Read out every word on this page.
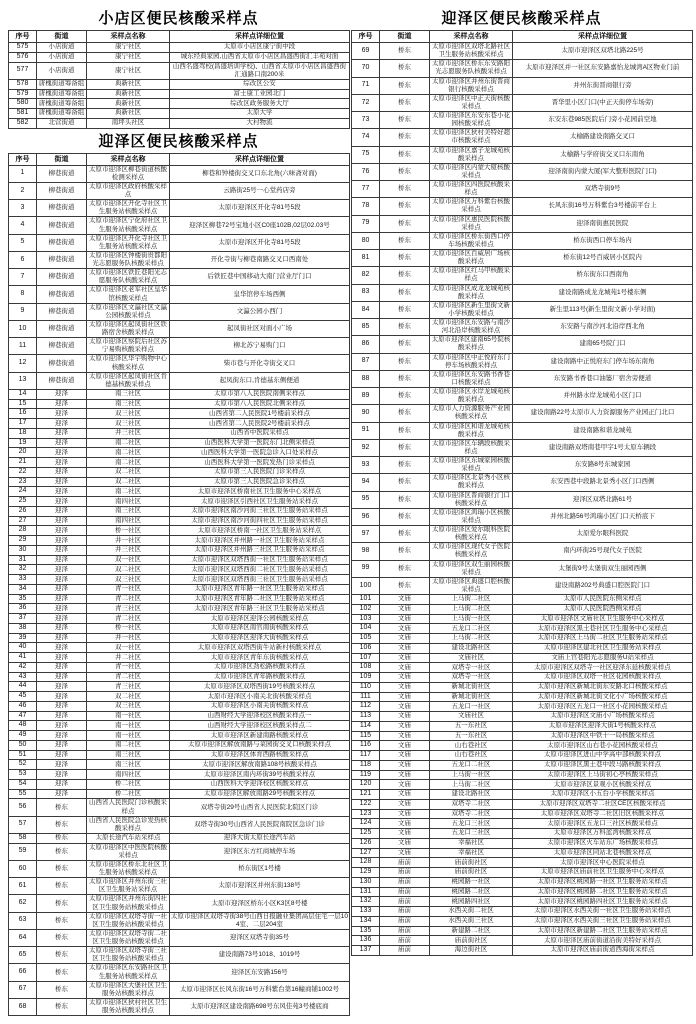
小店区便民核酸采样点
序号	街道	采样点名称	采样点详细位置
575	小店街道	康宁社区	太原市小店区康宁街中段
576	小店街道	康宁社区	城东经典家园,山西省太原市小店区昌盛西街汇丰苑对面
577	小店街道	康宁社区	山西名盛驾校(昌盛培训学校)、山西省太原市小店区昌盛西街汇通路口南200米
578	唐槐街道筹备组	典新社区	综改区公安
579	唐槐街道筹备组	典新社区	富士康工业园北门
580	唐槐街道筹备组	典新社区	综改区政务服务大厅
581	唐槐街道筹备组	典新社区	太原大学
582	北营街道	南坪头社区	大村物流
迎泽区便民核酸采样点
序号	街道	采样点名称	采样点详细位置
1	柳巷街道	太原市迎泽区柳巷街道核酸检测采样点	柳巷和钟楼街交叉口东北角(六味斋对面)
2	柳巷街道	太原市迎泽区政府核酸采样点	云路街25号一心堂药店旁
3	柳巷街道	太原市迎泽区开化寺社区卫生服务站核酸采样点	太原市迎泽区开化寺81号5段
4	柳巷街道	太原市迎泽区宁化府社区卫生服务站核酸采样点	迎泽区柳巷72号宝地小区C0座102B,02层02.03号
5	柳巷街道	太原市迎泽区开化寺社区卫生服务站核酸采样点	太原市迎泽区开化寺81号5段
6	柳巷街道	太原市迎泽区钟楼街贵都阳光志愿服务队核酸采样点	开化寺街与柳巷南路交叉口西南处
7	柳巷街道	太原市迎泽区铁匠巷阳光志愿服务队核酸采样点	后铁匠巷中国移动大南门营业厅门口
8	柳巷街道	太原市迎泽区老军社区皇华馆核酸采样点	皇华馆停车场西侧
9	柳巷街道	太原市迎泽区文瀛社区文瀛公园核酸采样点	文瀛公园小西门
10	柳巷街道	太原市迎泽区起凤街社区铁路宿舍核酸采样点	起凤街社区对面小广场
11	柳巷街道	太原市迎泽区察院后社区苏宁易购核酸采样点	柳北苏宁易购门口
12	柳巷街道	太原市迎泽区华宇购物中心核酸采样点	柴市巷与开化寺街交叉口
13	柳巷街道	太原市迎泽区起凤街社区肯德基核酸采样点	起凤街东口,肯德基东侧便道
14	迎泽	南三社区	太原市第八人民医院南侧采样点
15	迎泽	南三社区	太原市第八人民医院北侧采样点
16	迎泽	双三社区	山西省第二人民医院1号楼前采样点
17	迎泽	双三社区	山西省第二人民医院2号楼前采样点
18	迎泽	井三社区	山西省中医院采样点
19	迎泽	南二社区	山西医科大学第一医院东门北侧采样点
20	迎泽	南二社区	山西医科大学第一医院急诊入口处采样点
21	迎泽	南二社区	山西医科大学第一医院发热门诊采样点
22	迎泽	双二社区	太原市第三人民医院门诊采样点
23	迎泽	双二社区	太原市第三人民医院急诊采样点
24	迎泽	南二社区	太原市迎泽区桥南社区卫生服务中心采样点
25	迎泽	南四社区	太原市迎泽区引西社区卫生服务站采样点
26	迎泽	南三社区	太原市迎泽区南沙河街三社区卫生服务站采样点
27	迎泽	南四社区	太原市迎泽区南沙河街四社区卫生服务站采样点
28	迎泽	桥一社区	太原市迎泽区桥南一社区卫生服务站采样点
29	迎泽	井一社区	太原市迎泽区并州路一社区卫生服务站采样点
30	迎泽	井三社区	太原市迎泽区并州路三社区卫生服务站采样点
31	迎泽	双一社区	太原市迎泽区双塔西街一社区卫生服务站采样点
32	迎泽	双二社区	太原市迎泽区双塔西街二社区卫生服务站采样点
33	迎泽	双三社区	太原市迎泽区双塔西街三社区卫生服务站采样点
34	迎泽	青一社区	太原市迎泽区青年路一社区卫生服务站采样点
35	迎泽	青二社区	太原市迎泽区青年路二社区卫生服务站采样点
36	迎泽	青三社区	太原市迎泽区青年路三社区卫生服务站采样点
37	迎泽	青二社区	太原市迎泽区迎泽公园核酸采样点
38	迎泽	桥一社区	太原市迎泽区南官南街核酸采样点
39	迎泽	井一社区	太原市迎泽区迎泽大街核酸采样点
40	迎泽	双一社区	太原市迎泽区双塔西街牛站新村核酸采样点
41	迎泽	井二社区	太原市迎泽区青年东街核酸采样点
42	迎泽	青一社区	太原市迎泽区劲松路核酸采样点
43	迎泽	青二社区	太原市迎泽区青年路核酸采样点
44	迎泽	青三社区	太原市迎泽区双塔西街19号核酸采样点
45	迎泽	双二社区	太原市迎泽区小南关北街核酸采样点
46	迎泽	双三社区	太原市迎泽区小南关街核酸采样点
47	迎泽	南一社区	山西财经大学迎泽校区核酸采样点一
48	迎泽	南一社区	山西财经大学迎泽校区核酸采样点二
49	迎泽	南一社区	太原市迎泽区新建南路核酸采样点
50	迎泽	南二社区	太原市迎泽区解放南路与菜园街交叉口核酸采样点
51	迎泽	南三社区	太原市迎泽区体育西路核酸采样点
52	迎泽	南三社区	太原市迎泽区解放南路108号核酸采样点
53	迎泽	南四社区	太原市迎泽区南内环街39号核酸采样点
54	迎泽	桥二社区	山西医科大学迎泽校区核酸采样点
55	迎泽	桥二社区	太原市迎泽区解放南路29号核酸采样点
56	桥东	山西省人民医院门诊核酸采样点	双塔寺街29号山西省人民医院北院区门诊
57	桥东	山西省人民医院急诊发热核酸采样点	双塔寺街30号山西省人民医院南院区急诊门诊
58	桥东	太原长途汽车站采样点	迎泽大街太原长途汽车站
59	桥东	太原市迎泽区中医医院核酸采样点	迎泽区东方红商城停车场
60	桥东	太原市迎泽区桥东北社区卫生服务站核酸采样点	桥东街区1号楼
61	桥东	太原市迎泽区并州东街三社区卫生服务站采样点	太原市迎泽区并州东街138号
62	桥东	太原市迎泽区并州东街四社区卫生服务站核酸采样点	太原市迎泽区桥东小区K3区8号楼
63	桥东	太原市迎泽区双塔寺街一社区卫生服务站核酸采样点	太原市迎泽区双塔寺街38号山西日报融业集团高层住宅一层104室、二层204室
64	桥东	太原市迎泽区双塔寺街二社区卫生服务站核酸采样点	迎泽区双塔寺街35号
65	桥东	太原市迎泽区双塔寺街三社区卫生服务站核酸采样点	建设南路73号1018、1019号
66	桥东	太原市迎泽区东安路社区卫生服务站核酸采样点	迎泽区东安路156号
67	桥东	太原市迎泽区大堡社区卫生服务站核酸采样点	太原市迎泽区长风东街16号万科紫台第16幢商铺1002号
68	桥东	太原市迎泽区狄村社区卫生服务站核酸采样点	太原市迎泽区建设南路698号东风佳苑3号楼底商
迎泽区便民核酸采样点
序号	街道	采样点名称	采样点详细位置
69	桥东	太原市迎泽区双塔北路社区卫生服务站核酸采样点	太原市迎泽区双塔北路225号
70	桥东	太原市迎泽区桥东东安路阳光志愿服务队核酸采样点	太原市迎泽区并一社区东安路嘉怡龙城湾A区物业门前
71	桥东	太原市迎泽区并州东街晋商银行核酸采样点	并州东街晋商银行旁
72	桥东	太原市迎泽区中正天街核酸采样点	晋华里小区门口(中正天街停车场旁)
73	桥东	太原市迎泽区东安东巷小花园核酸采样点	东安东巷985医院后门旁小花园前空地
74	桥东	太原市迎泽区狄村美特好超市核酸采样点	太榆路建设南路交叉口
75	桥东	太原市迎泽区嘉子龙城苑核酸采样点	太榆路与学府街交叉口东南角
76	桥东	太原市迎泽区内蒙大厦核酸采样点	迎泽南街内蒙大厦(军大整形医院门口)
77	桥东	太原市迎泽区四医院核酸采样点	双塔寺街9号
78	桥东	太原市迎泽区万科紫台核酸采样点	长风东街16号万科紫台3号楼前平台上
79	桥东	太原市迎泽区惠民医院核酸采样点	迎泽南街惠民医院
80	桥东	太原市迎泽区桥东街西口停车场核酸采样点	桥东街西口停车场内
81	桥东	太原市迎泽区百威居广场核酸采样点	桥东街12号百威居小区院内
82	桥东	太原市迎泽区红马甲核酸采样点	桥东街东口西南角
83	桥东	太原市迎泽区成龙龙城苑核酸采样点	建设南路成龙龙城苑1号楼东侧
84	桥东	太原市迎泽区新生里街文新小学核酸采样点	新生里113号(新生里街文新小学对面)
85	桥东	太原市迎泽区东安路与南沙河北沿岸核酸采样点	东安路与南沙河北沿岸西北角
86	桥东	太原市迎泽区建南65号院核酸采样点	建南65号院门口
87	桥东	太原市迎泽区中正悦府东门停车场核酸采样点	建设南路中正悦府东门停车场东南角
88	桥东	太原市迎泽区东安路书香巷口核酸采样点	东安路书香巷口油篓厂宿舍旁便道
89	桥东	太原市迎泽区水岸龙城苑核酸采样点	并州路水岸龙城苑小区门口
90	桥东	太原市人力资源服务产业园核酸采样点	建设南路22号太原市人力资源服务产业园正门北口
91	桥东	太原市迎泽区和谐龙城苑核酸采样点	建设南路和谐龙城苑
92	桥东	太原市迎泽区车辆段核酸采样点	建设南路双塔南巷甲字1号太原车辆段
93	桥东	太原市迎泽区东城家园核酸采样点	东安路8号东城家园
94	桥东	太原市迎泽区北景秀小区核酸采样点	东安西巷中段路北景秀小区门口西侧
95	桥东	太原市迎泽区晋商银行门口核酸采样点	迎泽区双塔北路61号
96	桥东	太原市迎泽区鸿瑞小区核酸采样点	并州北路56号鸿瑞小区门口天桥底下
97	桥东	太原市迎泽区爱尔眼科医院核酸采样点	太原爱尔眼科医院
98	桥东	太原市迎泽区现代女子医院核酸采样点	南内环街25号现代女子医院
99	桥东	太原市迎泽区双生丽园核酸采样点	太堡街9号太堡街双生丽园西侧
100	桥东	太原市迎泽区典盛口腔核酸采样点	建设南路202号典盛口腔医院门口
101	文庙	上马街二社区	太原市人民医院东侧采样点
102	文庙	上马街二社区	太原市人民医院西侧采样点
103	文庙	上马街一社区	太原市迎泽区文庙社区卫生服务中心采样点
104	文庙	五龙口二社区	太原市迎泽区黑土巷社区卫生服务中心采样点
105	文庙	上马街二社区	太原市迎泽区上马街二社区卫生服务站采样点
106	文庙	建设北路社区	太原市迎泽区建北社区卫生服务站采样点
107	文庙	文庙社区	文庙上官巷阳光志愿服务U站采样点
108	文庙	双塔寺一社区	太原市迎泽区双塔寺一社区迎泽东延核酸采样点
109	文庙	双塔寺一社区	太原市迎泽区双塔一社区花园核酸采样点
110	文庙	新城北街社区	太原市迎泽区新城北街东安路北口核酸采样点
111	文庙	新城北街社区	太原市迎泽区新城北街文化小广场核酸采样点
112	文庙	五龙口一社区	太原市迎泽区五龙口一社区小花园核酸采样点
113	文庙	文庙社区	太原市迎泽区文庙小广场核酸采样点
114	文庙	五一东社区	太原市迎泽区迎泽大街1号核酸采样点
115	文庙	五一东社区	太原市迎泽区中铁十一局核酸采样点
116	文庙	山右巷社区	太原市迎泽区山右巷小花园核酸采样点
117	文庙	山右巷社区	太原市迎泽区进山中学高中部核酸采样点
118	文庙	五龙口二社区	太原市迎泽区黑土巷中段马路核酸采样点
119	文庙	上马街一社区	太原市迎泽区上马街初心亭核酸采样点
120	文庙	上马街二社区	太原市迎泽区景观小区核酸采样点
121	文庙	建设北路社区	太原市迎泽区小五台小学核酸采样点
122	文庙	双塔寺二社区	太原市迎泽区双塔寺二社区CE区核酸采样点
123	文庙	双塔寺二社区	太原市迎泽区双塔寺二社区旧区核酸采样点
124	文庙	五龙口三社区	太原市迎泽区五龙口三社区核酸采样点
125	文庙	五龙口三社区	太原市迎泽区万科蓝湾核酸采样点
126	文庙	幸福社区	太原市迎泽区火车站东广场核酸采样点
127	文庙	幸福社区	太原市迎泽区同站北巷核酸采样点
128	庙前	庙前街社区	太原市迎泽区中心医院采样点
129	庙前	庙前街社区	太原市迎泽区庙前社区卫生服务中心采样点
130	庙前	桃园路一社区	太原市迎泽区桃园路一社区卫生服务站采样点
131	庙前	桃园路二社区	太原市迎泽区桃园路二社区卫生服务站采样点
132	庙前	桃园路四社区	太原市迎泽区桃园路四社区卫生服务站采样点
133	庙前	水西关街二社区	太原市迎泽区水西关街一社区卫生服务站采样点
134	庙前	水西关街三社区	太原市迎泽区水西关街三社区卫生服务站采样点
135	庙前	新建路二社区	太原市迎泽区新建路二社区卫生服务站采样点
136	庙前	庙前街社区	太原市迎泽区庙前街道沿街美特好采样点
137	庙前	海边街社区	太原市迎泽区庙前街道西海街采样点
